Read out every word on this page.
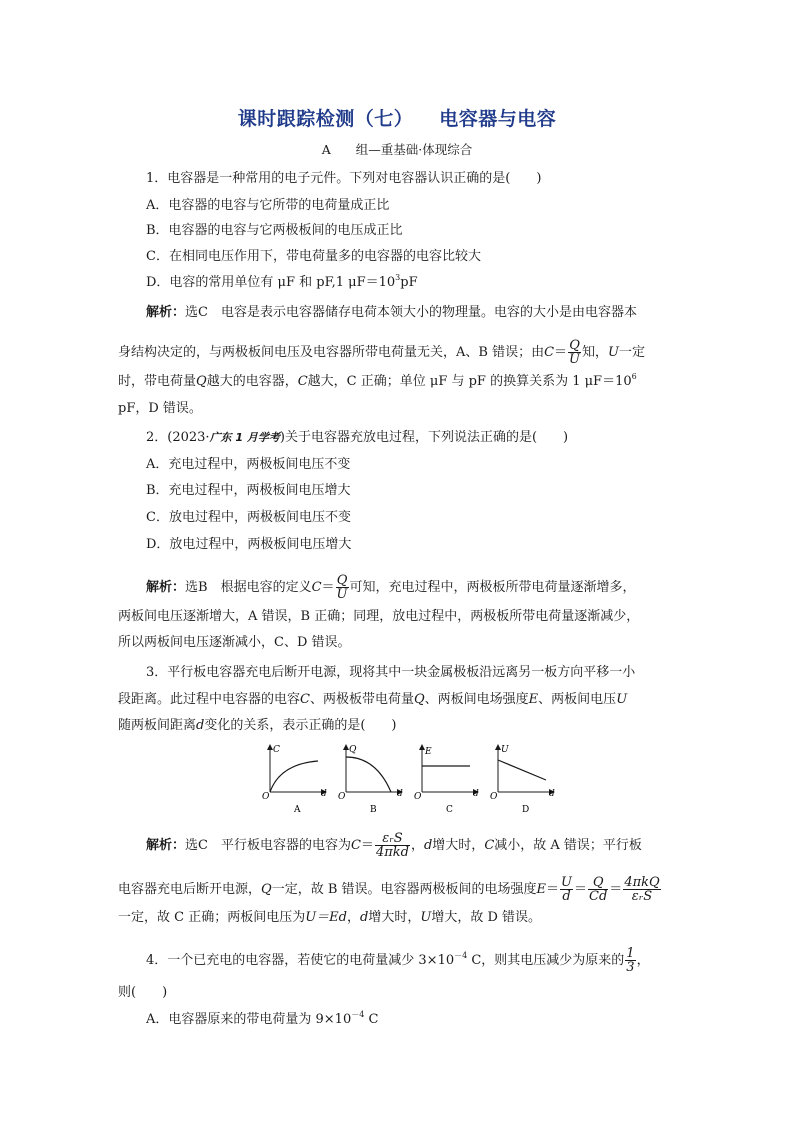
课时跟踪检测（七） 电容器与电容
A　　组—重基础·体现综合
1．电容器是一种常用的电子元件。下列对电容器认识正确的是(　　)
A．电容器的电容与它所带的电荷量成正比
B．电容器的电容与它两极板间的电压成正比
C．在相同电压作用下，带电荷量多的电容器的电容比较大
D．电容的常用单位有 μF 和 pF,1 $\mu F=10^3pF$
解析：选C　电容是表示电容器储存电荷本领大小的物理量。电容的大小是由电容器本
身结构决定的，与两极板间电压及电容器所带电荷量无关，A、B 错误；由$C= \frac{Q}{U}$ 知，U一定
时，带电荷量Q越大的电容器，C越大，C 正确；单位 μF 与 pF 的换算关系为 1 $\mu F=10^6$
pF，D 错误。
2．(2023·广东 1 月学考)关于电容器充放电过程，下列说法正确的是(　　)
A．充电过程中，两极板间电压不变
B．充电过程中，两极板间电压增大
C．放电过程中，两极板间电压不变
D．放电过程中，两极板间电压增大
解析：选B　根据电容的定义$C= \frac{Q}{U}$ 可知，充电过程中，两极板所带电荷量逐渐增多，
两板间电压逐渐增大，A 错误，B 正确；同理，放电过程中，两极板所带电荷量逐渐减少，
所以两板间电压逐渐减小，C、D 错误。
3．平行板电容器充电后断开电源，现将其中一块金属极板沿远离另一板方向平移一小
段距离。此过程中电容器的电容C、两极板带电荷量Q、两板间电场强度E、两板间电压U
随两板间距离d变化的关系，表示正确的是(　　)
C
d
O
A
Q
d
O
B
E
d
O
C
U
d
O
D
解析：选C　平行板电容器的电容为$C= \frac{\text{εᵣS}}{\text{4πkd}}$ ，d增大时，C减小，故 A 错误；平行板
电容器充电后断开电源，Q一定，故 B 错误。电容器两极板间的电场强度$E= \frac{U}{d} = \frac{Q}{Cd} = \frac{\text{4πkQ}}{\text{εᵣS}}$
一定，故 C 正确；两板间电压为U＝Ed，d增大时，U增大，故 D 错误。
4．一个已充电的电容器，若使它的电荷量减少 $3\times 10^{-4}$ C，则其电压减少为原来的 $\frac{1}{3}$ ，
则(　　)
A．电容器原来的带电荷量为 $9\times 10^{-4}$ C
